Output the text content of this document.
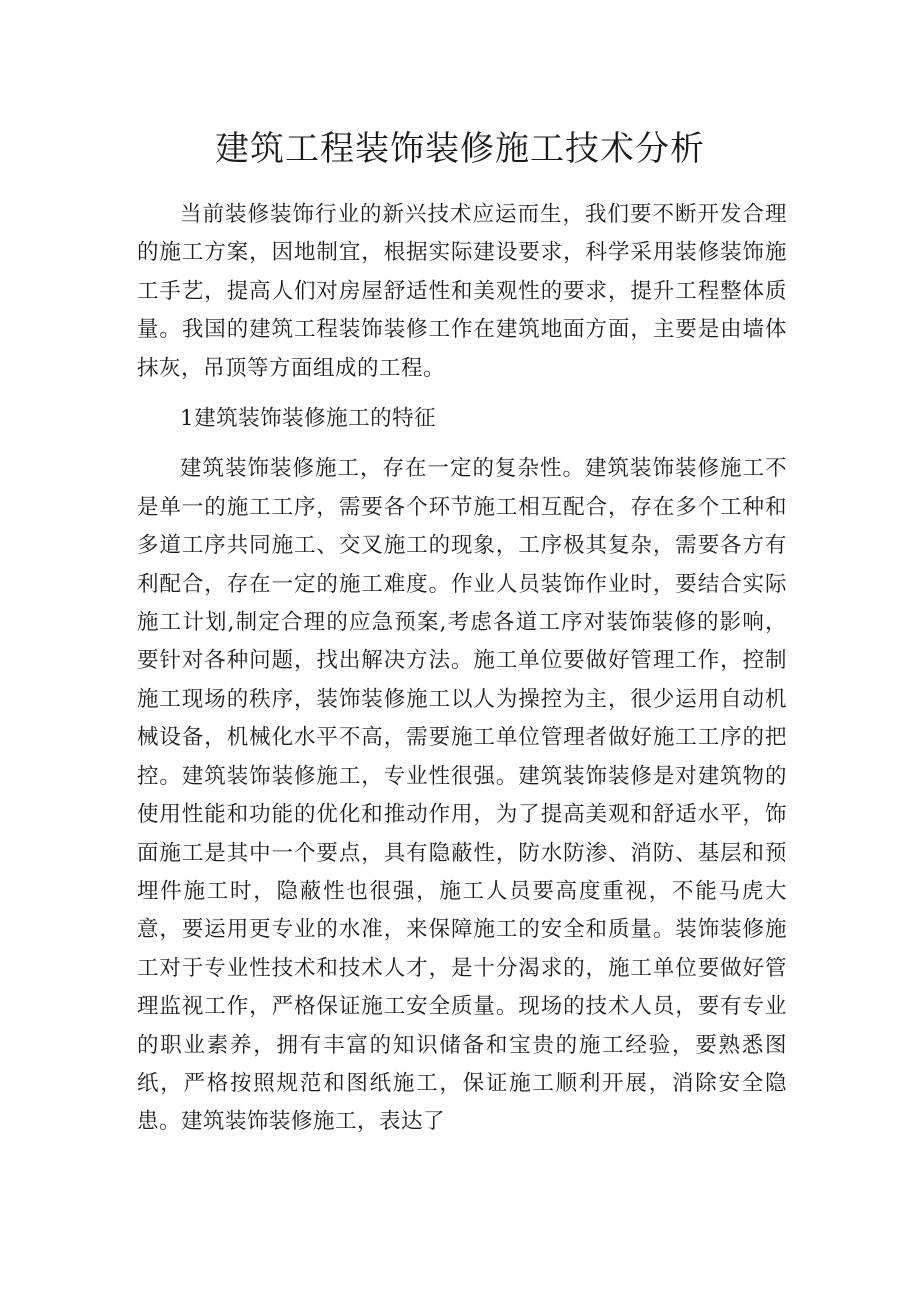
建筑工程装饰装修施工技术分析

当前装修装饰行业的新兴技术应运而生，我们要不断开发合理的施工方案，因地制宜，根据实际建设要求，科学采用装修装饰施工手艺，提高人们对房屋舒适性和美观性的要求，提升工程整体质量。我国的建筑工程装饰装修工作在建筑地面方面，主要是由墙体抹灰，吊顶等方面组成的工程。

1建筑装饰装修施工的特征

建筑装饰装修施工，存在一定的复杂性。建筑装饰装修施工不是单一的施工工序，需要各个环节施工相互配合，存在多个工种和多道工序共同施工、交叉施工的现象，工序极其复杂，需要各方有利配合，存在一定的施工难度。作业人员装饰作业时，要结合实际施工计划,制定合理的应急预案,考虑各道工序对装饰装修的影响，要针对各种问题，找出解决方法。施工单位要做好管理工作，控制施工现场的秩序，装饰装修施工以人为操控为主，很少运用自动机械设备，机械化水平不高，需要施工单位管理者做好施工工序的把控。建筑装饰装修施工，专业性很强。建筑装饰装修是对建筑物的使用性能和功能的优化和推动作用，为了提高美观和舒适水平，饰面施工是其中一个要点，具有隐蔽性，防水防渗、消防、基层和预埋件施工时，隐蔽性也很强，施工人员要高度重视，不能马虎大意，要运用更专业的水准，来保障施工的安全和质量。装饰装修施工对于专业性技术和技术人才，是十分渴求的，施工单位要做好管理监视工作，严格保证施工安全质量。现场的技术人员，要有专业的职业素养，拥有丰富的知识储备和宝贵的施工经验，要熟悉图纸，严格按照规范和图纸施工，保证施工顺利开展，消除安全隐患。建筑装饰装修施工，表达了
